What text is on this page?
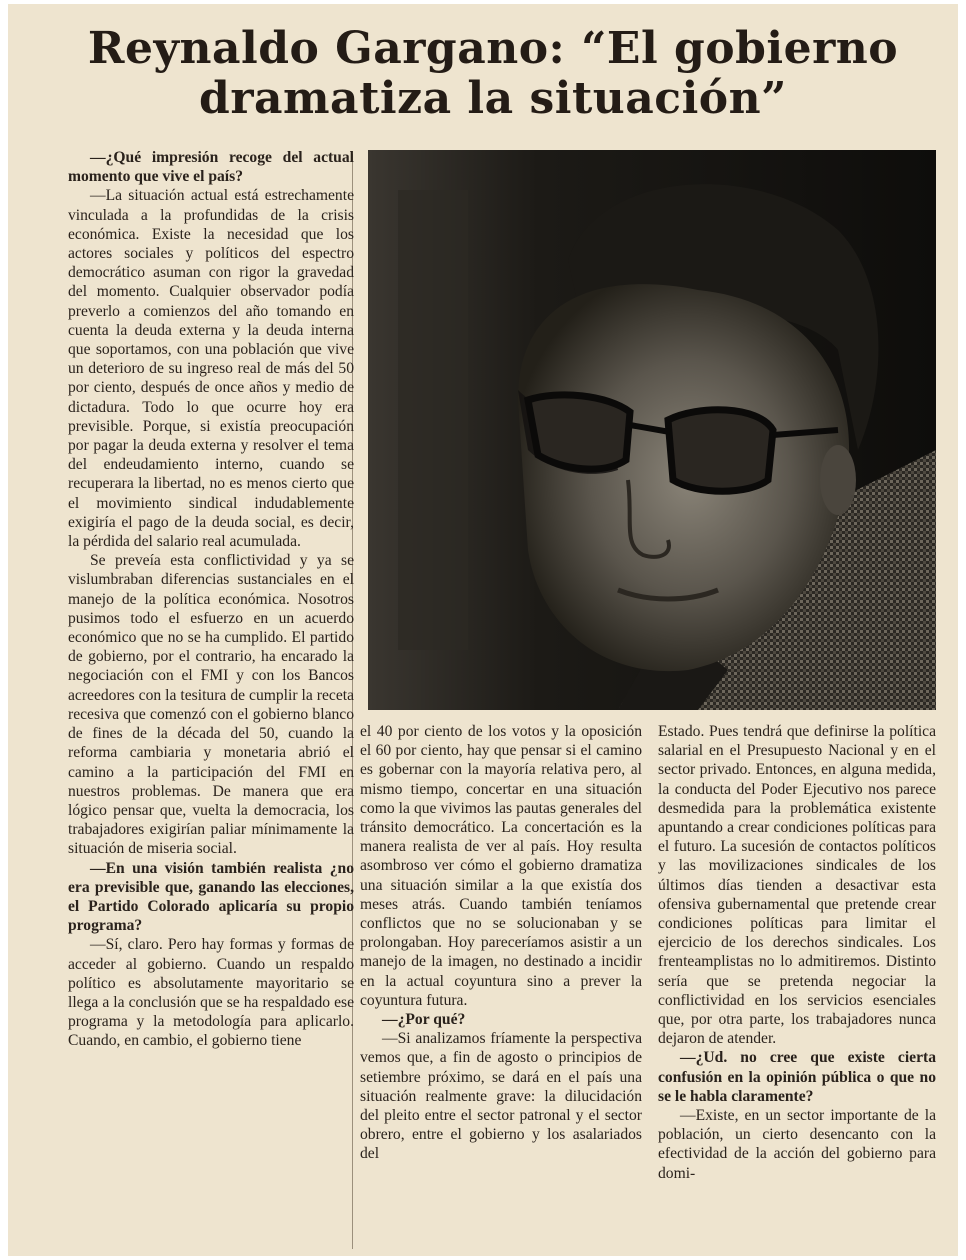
Reynaldo Gargano: “El gobierno
dramatiza la situación”

—¿Qué impresión recoge del actual momento que vive el país?

—La situación actual está estrechamente vinculada a la profundidas de la crisis económica. Existe la necesidad que los actores sociales y políticos del espectro democrático asuman con rigor la gravedad del momento. Cualquier observador podía preverlo a comienzos del año tomando en cuenta la deuda externa y la deuda interna que soportamos, con una población que vive un deterioro de su ingreso real de más del 50 por ciento, después de once años y medio de dictadura. Todo lo que ocurre hoy era previsible. Porque, si existía preocupación por pagar la deuda externa y resolver el tema del endeudamiento interno, cuando se recuperara la libertad, no es menos cierto que el movimiento sindical indudablemente exigiría el pago de la deuda social, es decir, la pérdida del salario real acumulada.

Se preveía esta conflictividad y ya se vislumbraban diferencias sustanciales en el manejo de la política económica. Nosotros pusimos todo el esfuerzo en un acuerdo económico que no se ha cumplido. El partido de gobierno, por el contrario, ha encarado la negociación con el FMI y con los Bancos acreedores con la tesitura de cumplir la receta recesiva que comenzó con el gobierno blanco de fines de la década del 50, cuando la reforma cambiaria y monetaria abrió el camino a la participación del FMI en nuestros problemas. De manera que era lógico pensar que, vuelta la democracia, los trabajadores exigirían paliar mínimamente la situación de miseria social.

—En una visión también realista ¿no era previsible que, ganando las elecciones, el Partido Colorado aplicaría su propio programa?

—Sí, claro. Pero hay formas y formas de acceder al gobierno. Cuando un respaldo político es absolutamente mayoritario se llega a la conclusión que se ha respaldado ese programa y la metodología para aplicarlo. Cuando, en cambio, el gobierno tiene

el 40 por ciento de los votos y la oposición el 60 por ciento, hay que pensar si el camino es gobernar con la mayoría relativa pero, al mismo tiempo, concertar en una situación como la que vivimos las pautas generales del tránsito democrático. La concertación es la manera realista de ver al país. Hoy resulta asombroso ver cómo el gobierno dramatiza una situación similar a la que existía dos meses atrás. Cuando también teníamos conflictos que no se solucionaban y se prolongaban. Hoy pareceríamos asistir a un manejo de la imagen, no destinado a incidir en la actual coyuntura sino a prever la coyuntura futura.

—¿Por qué?

—Si analizamos fríamente la perspectiva vemos que, a fin de agosto o principios de setiembre próximo, se dará en el país una situación realmente grave: la dilucidación del pleito entre el sector patronal y el sector obrero, entre el gobierno y los asalariados del

Estado. Pues tendrá que definirse la política salarial en el Presupuesto Nacional y en el sector privado. Entonces, en alguna medida, la conducta del Poder Ejecutivo nos parece desmedida para la problemática existente apuntando a crear condiciones políticas para el futuro. La sucesión de contactos políticos y las movilizaciones sindicales de los últimos días tienden a desactivar esta ofensiva gubernamental que pretende crear condiciones políticas para limitar el ejercicio de los derechos sindicales. Los frenteamplistas no lo admitiremos. Distinto sería que se pretenda negociar la conflictividad en los servicios esenciales que, por otra parte, los trabajadores nunca dejaron de atender.

—¿Ud. no cree que existe cierta confusión en la opinión pública o que no se le habla claramente?

—Existe, en un sector importante de la población, un cierto desencanto con la efectividad de la acción del gobierno para domi-
